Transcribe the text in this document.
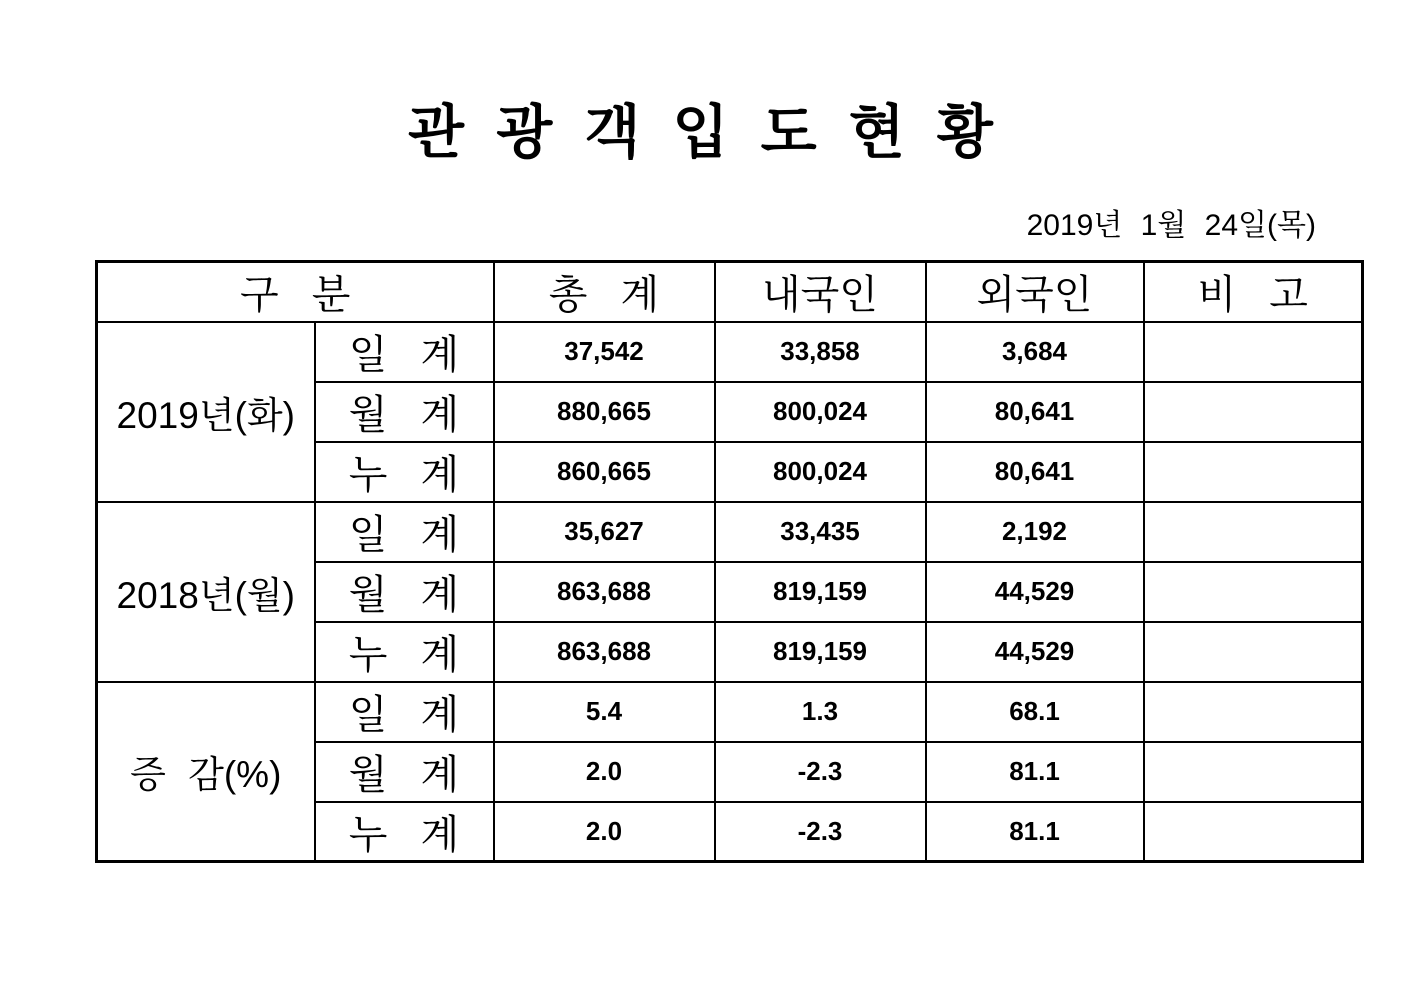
관 광 객 입 도 현 황
2019년 1월 24일(목)
구 분		총 계	내국인	외국인	비 고
2019년(화)	일 계	37,542	33,858	3,684	
	월 계	880,665	800,024	80,641	
	누 계	860,665	800,024	80,641	
2018년(월)	일 계	35,627	33,435	2,192	
	월 계	863,688	819,159	44,529	
	누 계	863,688	819,159	44,529	
증 감(%)	일 계	5.4	1.3	68.1	
	월 계	2.0	-2.3	81.1	
	누 계	2.0	-2.3	81.1	
